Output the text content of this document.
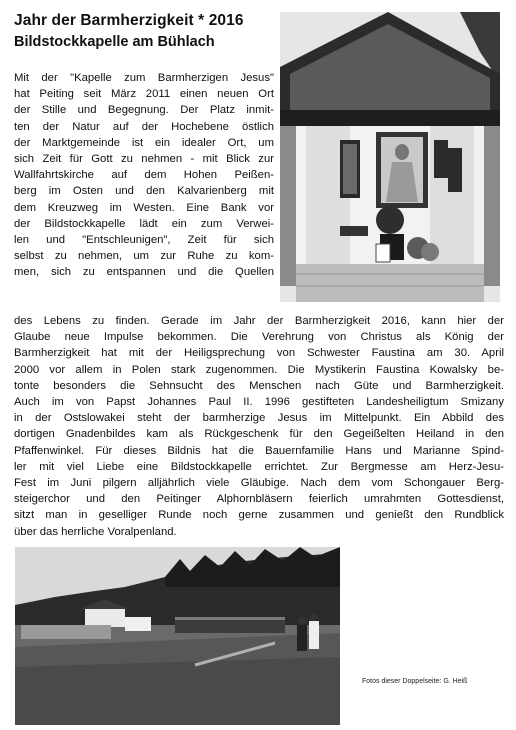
Jahr der Barmherzigkeit * 2016
Bildstockkapelle am Bühlach
Mit der "Kapelle zum Barmherzigen Jesus"
hat Peiting seit März 2011 einen neuen Ort
der Stille und Begegnung. Der Platz inmit-
ten der Natur auf der Hochebene östlich
der Marktgemeinde ist ein idealer Ort, um
sich Zeit für Gott zu nehmen - mit Blick zur
Wallfahrtskirche auf dem Hohen Peißen-
berg im Osten und den Kalvarienberg mit
dem Kreuzweg im Westen. Eine Bank vor
der Bildstockkapelle lädt ein zum Verwei-
len und "Entschleunigen", Zeit für sich
selbst zu nehmen, um zur Ruhe zu kom-
men, sich zu entspannen und die Quellen
des Lebens zu finden. Gerade im Jahr der Barmherzigkeit 2016, kann hier der
Glaube neue Impulse bekommen. Die Verehrung von Christus als König der
Barmherzigkeit hat mit der Heiligsprechung von Schwester Faustina am 30. April
2000 vor allem in Polen stark zugenommen. Die Mystikerin Faustina Kowalsky be-
tonte besonders die Sehnsucht des Menschen nach Güte und Barmherzigkeit.
Auch im von Papst Johannes Paul II. 1996 gestifteten Landesheiligtum Smizany
in der Ostslowakei steht der barmherzige Jesus im Mittelpunkt. Ein Abbild des
dortigen Gnadenbildes kam als Rückgeschenk für den Gegeißelten Heiland in den
Pfaffenwinkel. Für dieses Bildnis hat die Bauernfamilie Hans und Marianne Spind-
ler mit viel Liebe eine Bildstockkapelle errichtet. Zur Bergmesse am Herz-Jesu-
Fest im Juni pilgern alljährlich viele Gläubige. Nach dem vom Schongauer Berg-
steigerchor und den Peitinger Alphornbläsern feierlich umrahmten Gottesdienst,
sitzt man in geselliger Runde noch gerne zusammen und genießt den Rundblick
über das herrliche Voralpenland.

Fotos dieser Doppelseite: G. Heiß
